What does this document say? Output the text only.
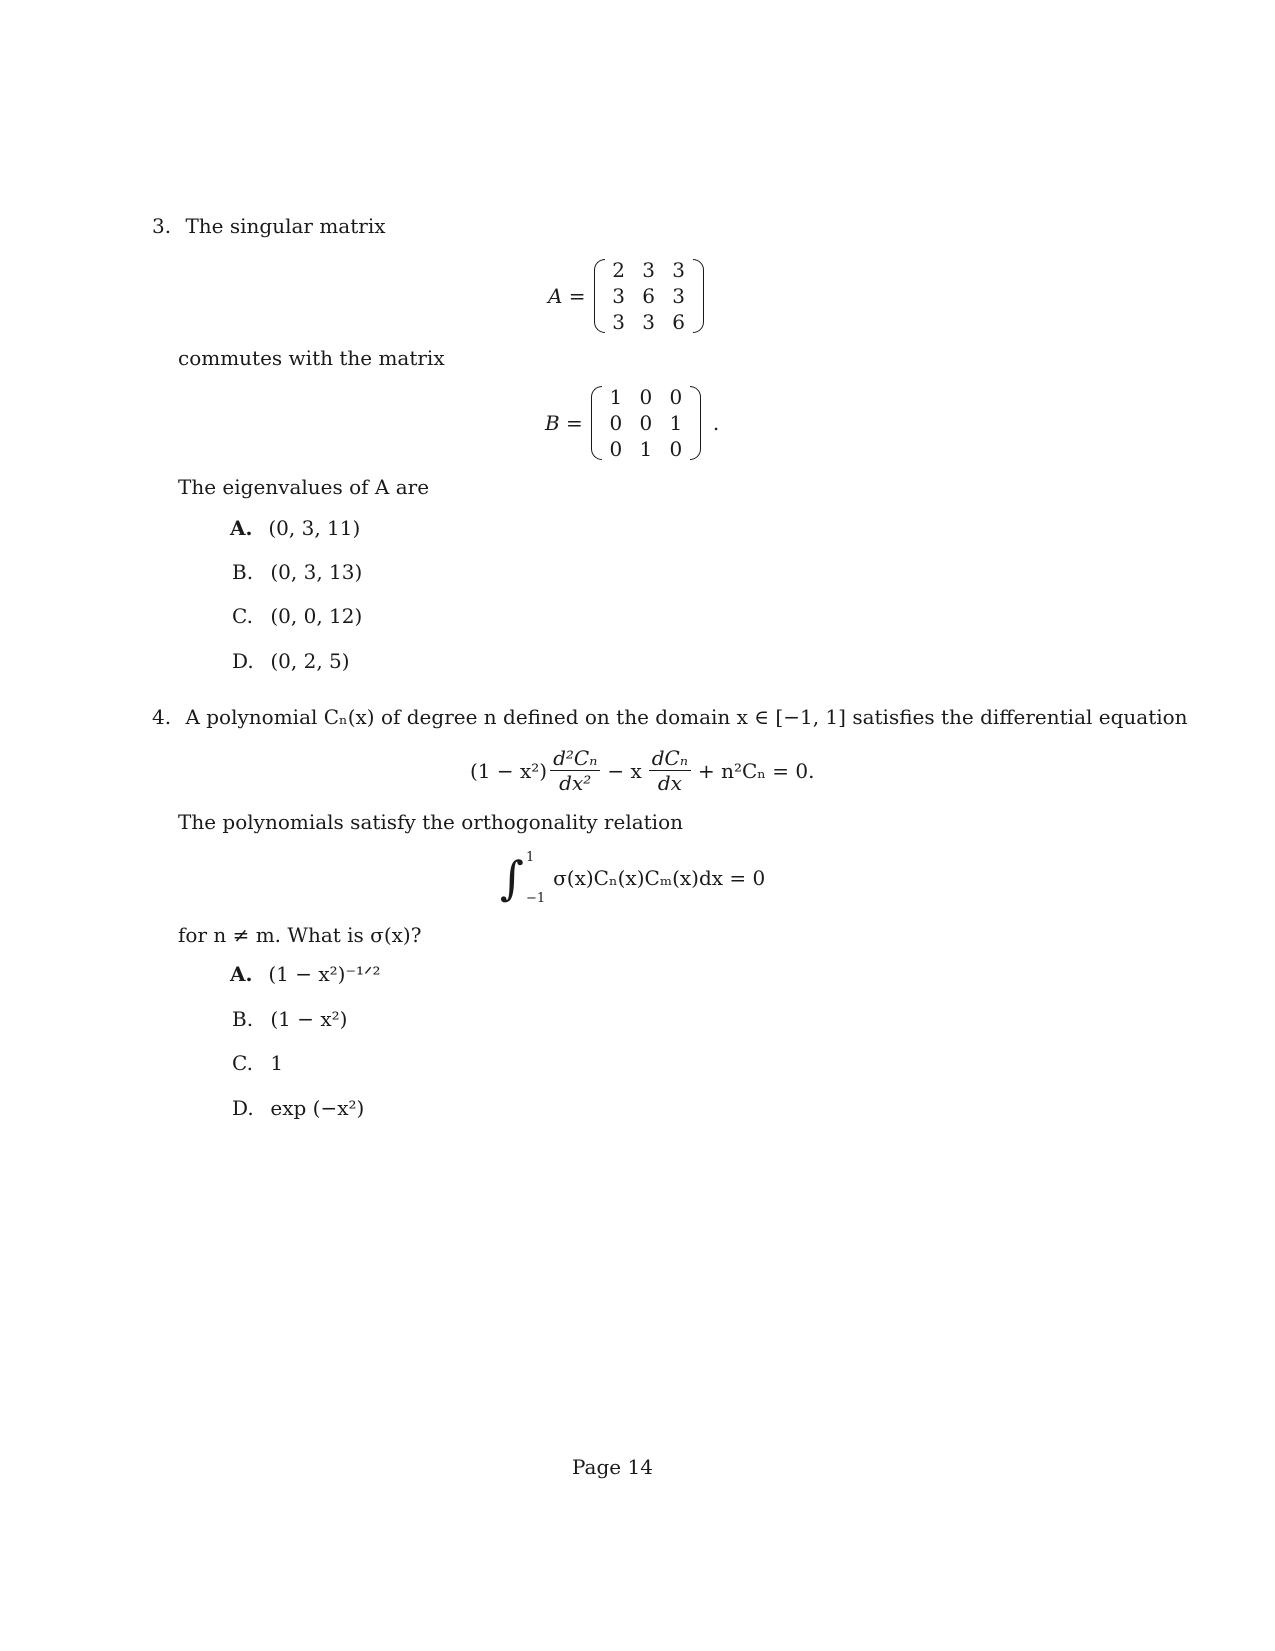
3. The singular matrix
A =
2 3 3
3 6 3
3 3 6
commutes with the matrix
B =
1 0 0
0 0 1
0 1 0
.
The eigenvalues of A are
A. (0, 3, 11)
B. (0, 3, 13)
C. (0, 0, 12)
D. (0, 2, 5)
4. A polynomial Cₙ(x) of degree n defined on the domain x ∈ [−1, 1] satisfies the differential equation
$(1 - x^2) \frac{\text{d²Cₙ}}{\text{dx²}} - x \frac{\text{dCₙ}}{dx} + n^2C_n = 0$.
The polynomials satisfy the orthogonality relation
∫ 1
−1
σ(x)Cₙ(x)Cₘ(x)dx = 0
for n ≠ m. What is σ(x)?
A. (1 − x²)⁻¹ᐟ²
B. (1 − x²)
C. 1
D. exp (−x²)
Page 14
